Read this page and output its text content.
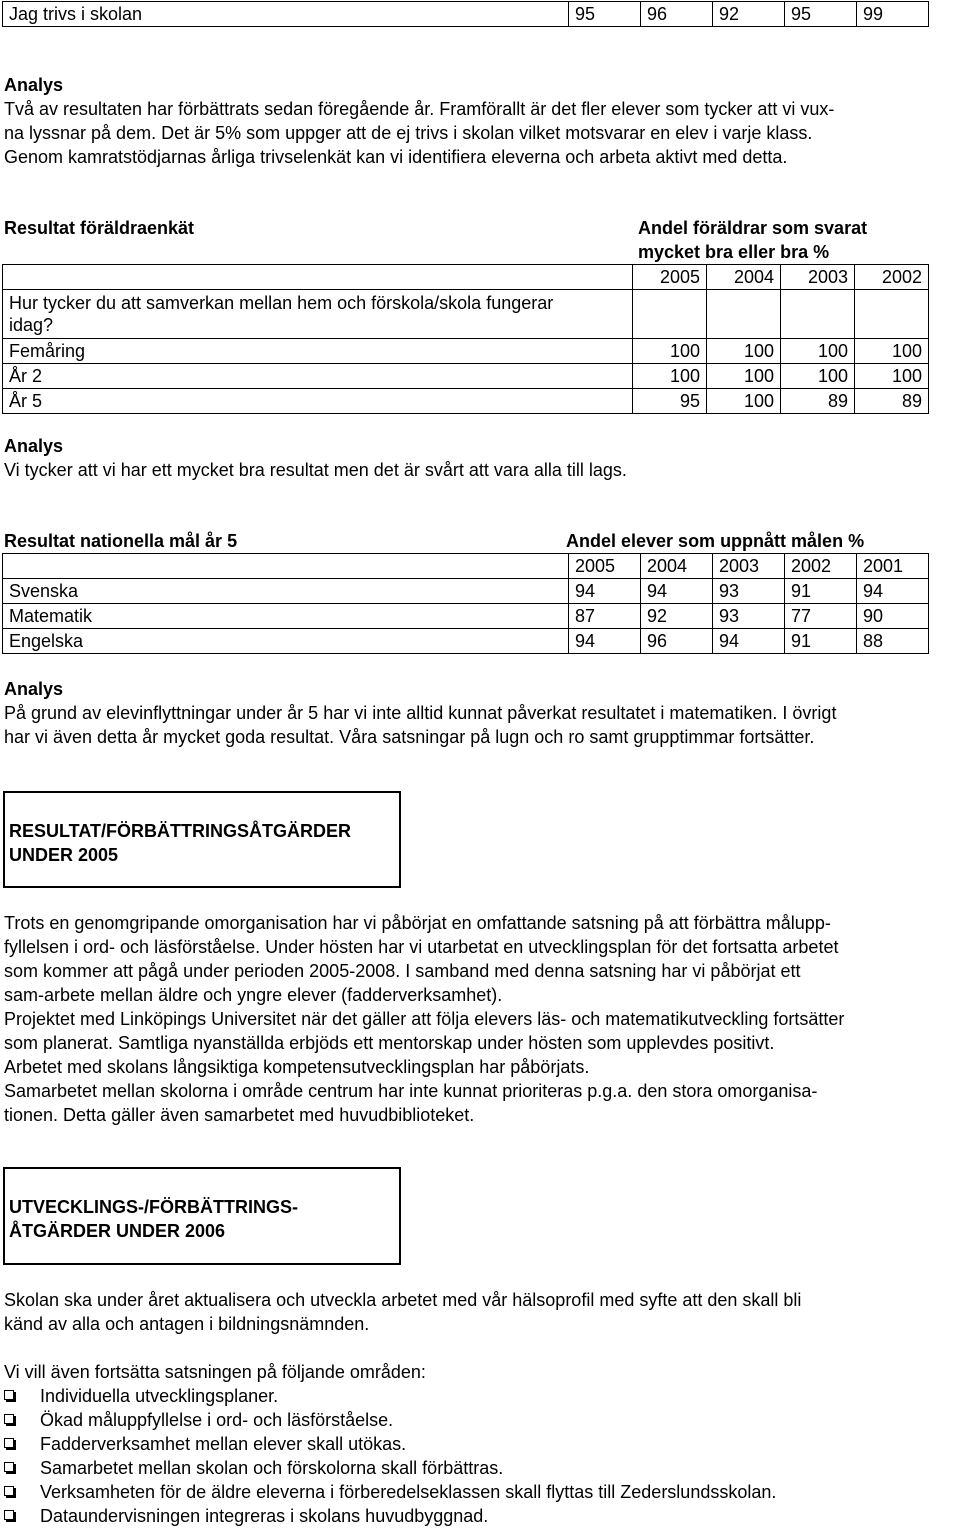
Jag trivs i skolan	95	96	92	95	99

Analys

Två av resultaten har förbättrats sedan föregående år. Framförallt är det fler elever som tycker att vi vux-

na lyssnar på dem. Det är 5% som uppger att de ej trivs i skolan vilket motsvarar en elev i varje klass.

Genom kamratstödjarnas årliga trivselenkät kan vi identifiera eleverna och arbeta aktivt med detta.

Resultat föräldraenkät	Andel föräldrar som svarat
mycket bra eller bra %
	2005	2004	2003	2002

Hur tycker du att samverkan mellan hem och förskola/skola fungerar
idag?				

Femåring	100	100	100	100
År 2	100	100	100	100
År 5	95	100	89	89

Analys

Vi tycker att vi har ett mycket bra resultat men det är svårt att vara alla till lags.

Resultat nationella mål år 5	Andel elever som uppnått målen %
	2005	2004	2003	2002	2001
Svenska	94	94	93	91	94
Matematik	87	92	93	77	90
Engelska	94	96	94	91	88

Analys

På grund av elevinflyttningar under år 5 har vi inte alltid kunnat påverkat resultatet i matematiken. I övrigt

har vi även detta år mycket goda resultat. Våra satsningar på lugn och ro samt grupptimmar fortsätter.

RESULTAT/FÖRBÄTTRINGSÅTGÄRDER
UNDER 2005

Trots en genomgripande omorganisation har vi påbörjat en omfattande satsning på att förbättra målupp-

fyllelsen i ord- och läsförståelse. Under hösten har vi utarbetat en utvecklingsplan för det fortsatta arbetet

som kommer att pågå under perioden 2005-2008. I samband med denna satsning har vi påbörjat ett

sam-arbete mellan äldre och yngre elever (fadderverksamhet).

Projektet med Linköpings Universitet när det gäller att följa elevers läs- och matematikutveckling fortsätter

som planerat. Samtliga nyanställda erbjöds ett mentorskap under hösten som upplevdes positivt.

Arbetet med skolans långsiktiga kompetensutvecklingsplan har påbörjats.

Samarbetet mellan skolorna i område centrum har inte kunnat prioriteras p.g.a. den stora omorganisa-

tionen. Detta gäller även samarbetet med huvudbiblioteket.

UTVECKLINGS-/FÖRBÄTTRINGS-
ÅTGÄRDER UNDER 2006

Skolan ska under året aktualisera och utveckla arbetet med vår hälsoprofil med syfte att den skall bli

känd av alla och antagen i bildningsnämnden.

Vi vill även fortsätta satsningen på följande områden:

Individuella utvecklingsplaner.
Ökad måluppfyllelse i ord- och läsförståelse.
Fadderverksamhet mellan elever skall utökas.
Samarbetet mellan skolan och förskolorna skall förbättras.
Verksamheten för de äldre eleverna i förberedelseklassen skall flyttas till Zederslundsskolan.
Dataundervisningen integreras i skolans huvudbyggnad.
